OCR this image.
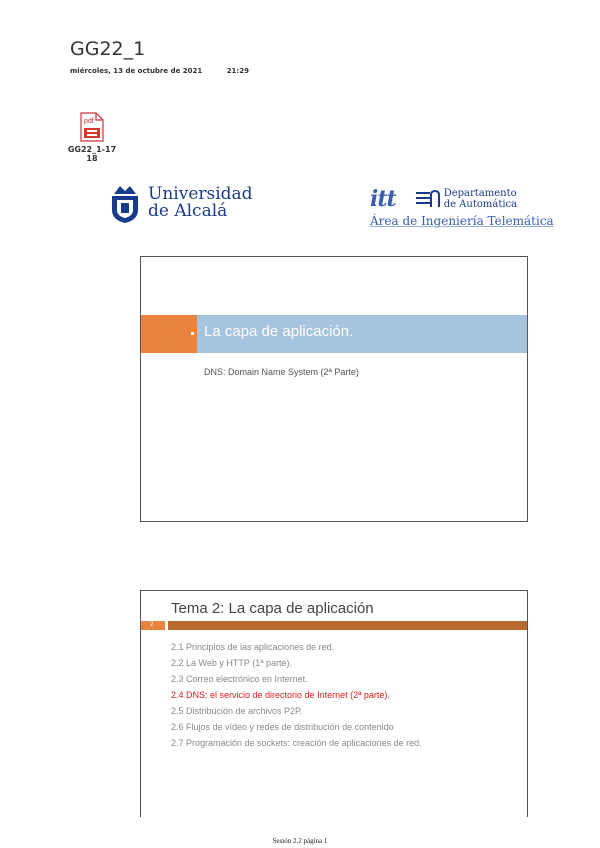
GG22_1
miércoles, 13 de octubre de 2021	21:29
pdf
GG22_1-17
18
Universidad
de Alcalá	itt	Departamento
de Automática
Área de Ingeniería Telemática
La capa de aplicación.
DNS: Domain Name System (2ª Parte)
Tema 2: La capa de aplicación
2
2.1 Principios de las aplicaciones de red.
2.2 La Web y HTTP (1ª parte).
2.3 Correo electrónico en Internet.
2.4 DNS: el servicio de directorio de Internet (2ª parte).
2.5 Distribución de archivos P2P.
2.6 Flujos de vídeo y redes de distribución de contenido
2.7 Programación de sockets: creación de aplicaciones de red.
Sesión 2.2 página 1
